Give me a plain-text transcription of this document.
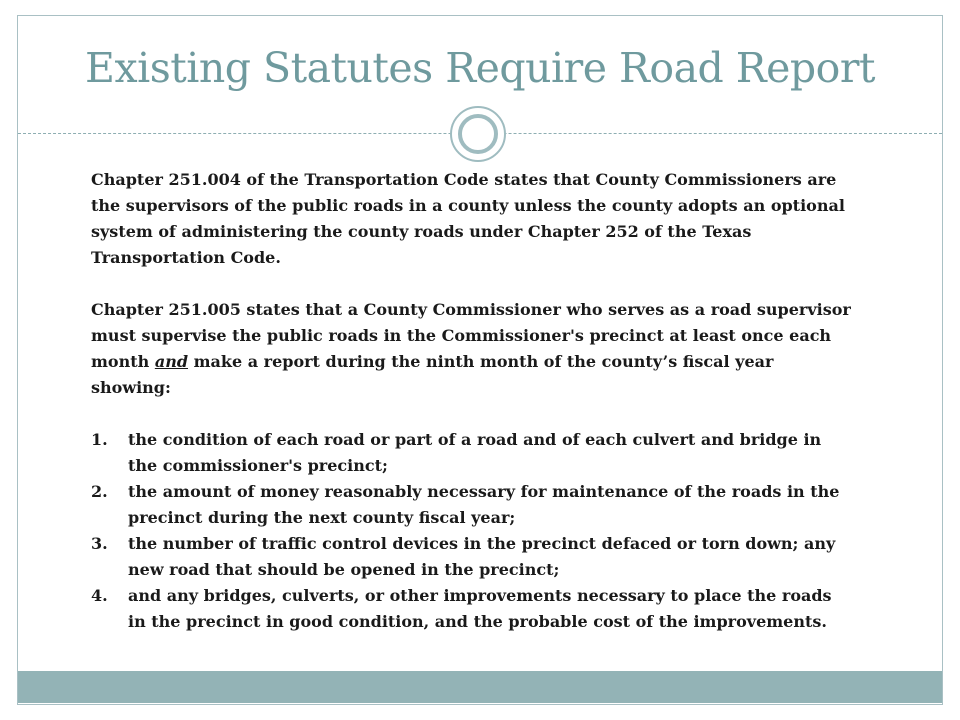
Existing Statutes Require Road Report

Chapter 251.004 of the Transportation Code states that County Commissioners are the supervisors of the public roads in a county unless the county adopts an optional system of administering the county roads under Chapter 252 of the Texas Transportation Code.

Chapter 251.005 states that a County Commissioner who serves as a road supervisor must supervise the public roads in the Commissioner's precinct at least once each month and make a report during the ninth month of the county’s fiscal year showing:

1. the condition of each road or part of a road and of each culvert and bridge in the commissioner's precinct;
2. the amount of money reasonably necessary for maintenance of the roads in the precinct during the next county fiscal year;
3. the number of traffic control devices in the precinct defaced or torn down; any new road that should be opened in the precinct;
4. and any bridges, culverts, or other improvements necessary to place the roads in the precinct in good condition, and the probable cost of the improvements.
